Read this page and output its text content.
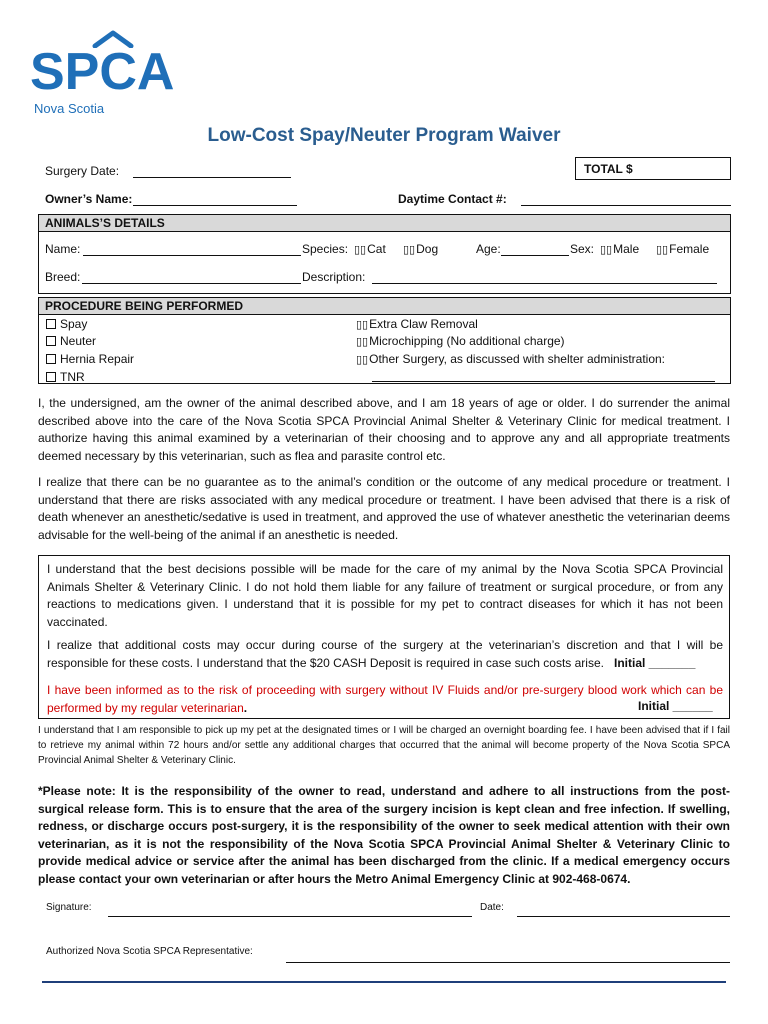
SPCA
Nova Scotia
Low-Cost Spay/Neuter Program Waiver
Surgery Date:	TOTAL $
Owner’s Name:	Daytime Contact #:
ANIMALS’S DETAILS
Name:	Species: ▯▯Cat ▯▯Dog	Age:	Sex: ▯▯Male ▯▯Female
Breed:	Description:
PROCEDURE BEING PERFORMED
Spay
Neuter
Hernia Repair
TNR
▯▯Extra Claw Removal
▯▯Microchipping (No additional charge)
▯▯Other Surgery, as discussed with shelter administration:
I, the undersigned, am the owner of the animal described above, and I am 18 years of age or older. I do surrender the animal described above into the care of the Nova Scotia SPCA Provincial Animal Shelter & Veterinary Clinic for medical treatment. I authorize having this animal examined by a veterinarian of their choosing and to approve any and all appropriate treatments deemed necessary by this veterinarian, such as flea and parasite control etc.
I realize that there can be no guarantee as to the animal’s condition or the outcome of any medical procedure or treatment. I understand that there are risks associated with any medical procedure or treatment. I have been advised that there is a risk of death whenever an anesthetic/sedative is used in treatment, and approved the use of whatever anesthetic the veterinarian deems advisable for the well-being of the animal if an anesthetic is needed.
I understand that the best decisions possible will be made for the care of my animal by the Nova Scotia SPCA Provincial Animals Shelter & Veterinary Clinic. I do not hold them liable for any failure of treatment or surgical procedure, or from any reactions to medications given. I understand that it is possible for my pet to contract diseases for which it has not been vaccinated.
I realize that additional costs may occur during course of the surgery at the veterinarian’s discretion and that I will be responsible for these costs. I understand that the $20 CASH Deposit is required in case such costs arise. Initial _______
I have been informed as to the risk of proceeding with surgery without IV Fluids and/or pre-surgery blood work which can be performed by my regular veterinarian.	Initial ______
I understand that I am responsible to pick up my pet at the designated times or I will be charged an overnight boarding fee. I have been advised that if I fail to retrieve my animal within 72 hours and/or settle any additional charges that occurred that the animal will become property of the Nova Scotia SPCA Provincial Animal Shelter & Veterinary Clinic.
*Please note: It is the responsibility of the owner to read, understand and adhere to all instructions from the post-surgical release form. This is to ensure that the area of the surgery incision is kept clean and free infection. If swelling, redness, or discharge occurs post-surgery, it is the responsibility of the owner to seek medical attention with their own veterinarian, as it is not the responsibility of the Nova Scotia SPCA Provincial Animal Shelter & Veterinary Clinic to provide medical advice or service after the animal has been discharged from the clinic. If a medical emergency occurs please contact your own veterinarian or after hours the Metro Animal Emergency Clinic at 902-468-0674.
Signature:	Date:
Authorized Nova Scotia SPCA Representative:
